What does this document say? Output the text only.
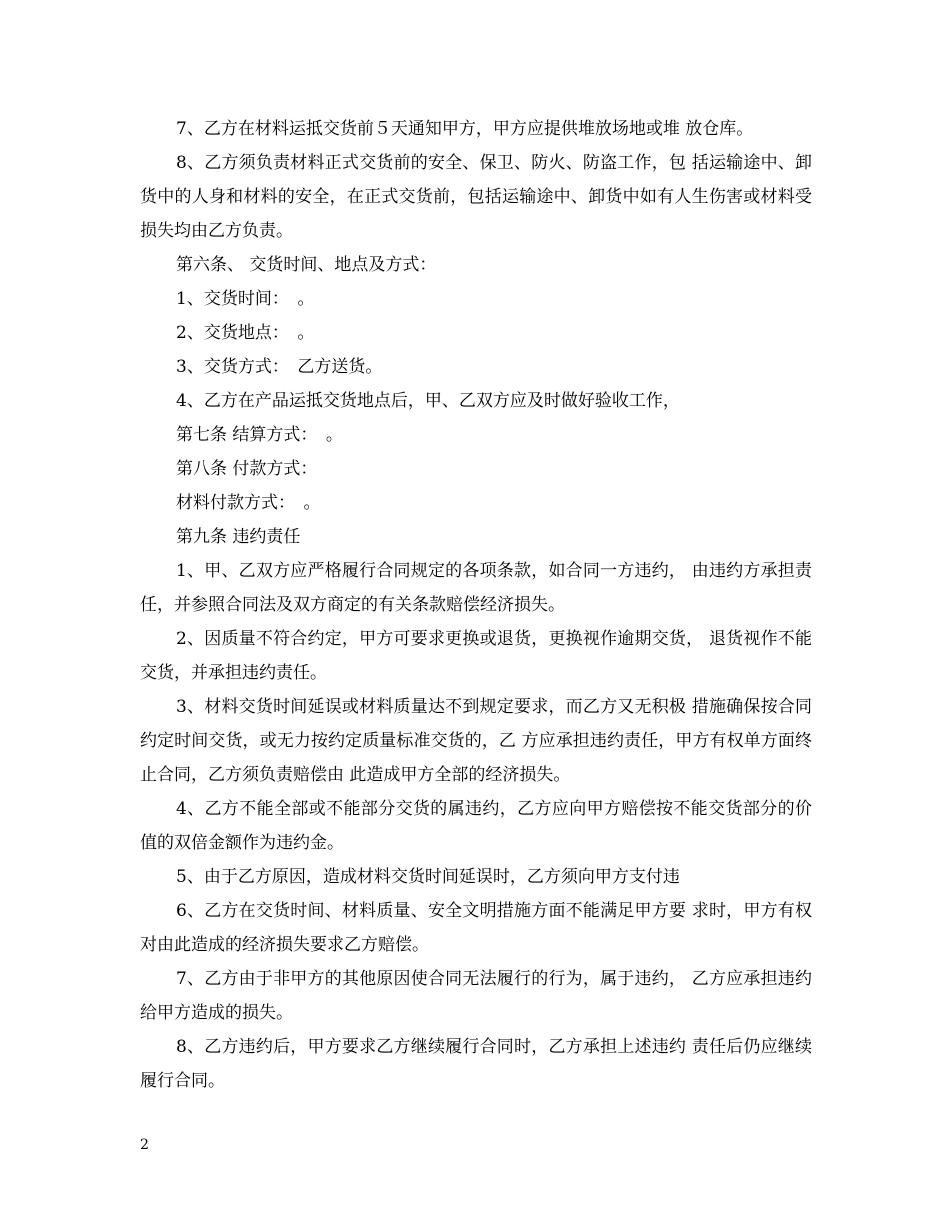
7、乙方在材料运抵交货前５天通知甲方，甲方应提供堆放场地或堆 放仓库。

8、乙方须负责材料正式交货前的安全、保卫、防火、防盗工作，包 括运输途中、卸货中的人身和材料的安全，在正式交货前，包括运输途中、卸货中如有人生伤害或材料受损失均由乙方负责。

第六条、 交货时间、地点及方式：

1、交货时间：　。

2、交货地点：　。

3、交货方式：　乙方送货。

4、乙方在产品运抵交货地点后，甲、乙双方应及时做好验收工作，

第七条 结算方式：　。

第八条 付款方式：

材料付款方式：　。

第九条 违约责任

1、甲、乙双方应严格履行合同规定的各项条款，如合同一方违约， 由违约方承担责任，并参照合同法及双方商定的有关条款赔偿经济损失。

2、因质量不符合约定，甲方可要求更换或退货，更换视作逾期交货， 退货视作不能交货，并承担违约责任。

3、材料交货时间延误或材料质量达不到规定要求，而乙方又无积极 措施确保按合同约定时间交货，或无力按约定质量标准交货的，乙 方应承担违约责任，甲方有权单方面终止合同，乙方须负责赔偿由 此造成甲方全部的经济损失。

4、乙方不能全部或不能部分交货的属违约，乙方应向甲方赔偿按不能交货部分的价值的双倍金额作为违约金。

5、由于乙方原因，造成材料交货时间延误时，乙方须向甲方支付违

6、乙方在交货时间、材料质量、安全文明措施方面不能满足甲方要 求时，甲方有权对由此造成的经济损失要求乙方赔偿。

7、乙方由于非甲方的其他原因使合同无法履行的行为，属于违约， 乙方应承担违约给甲方造成的损失。

8、乙方违约后，甲方要求乙方继续履行合同时，乙方承担上述违约 责任后仍应继续履行合同。

2
